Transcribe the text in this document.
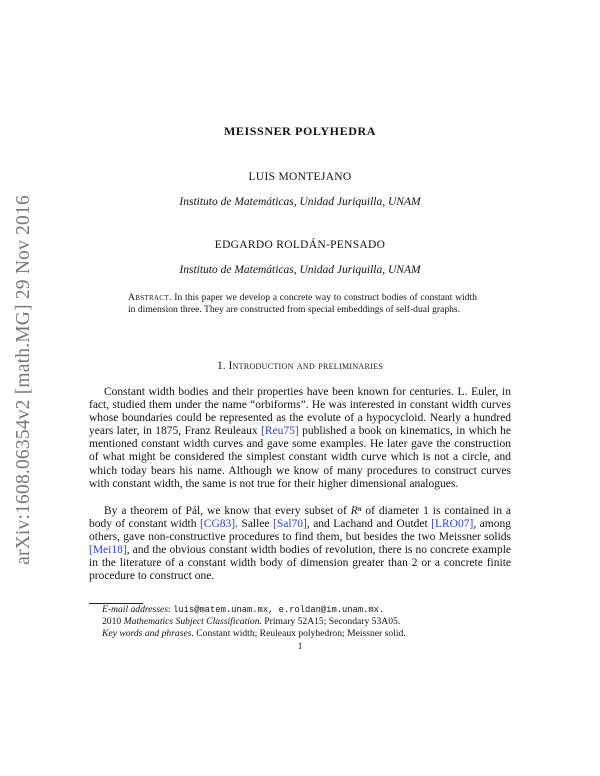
arXiv:1608.06354v2 [math.MG] 29 Nov 2016
MEISSNER POLYHEDRA
LUIS MONTEJANO
Instituto de Matemáticas, Unidad Juriquilla, UNAM
EDGARDO ROLDÁN-PENSADO
Instituto de Matemáticas, Unidad Juriquilla, UNAM
Abstract. In this paper we develop a concrete way to construct bodies of constant width in dimension three. They are constructed from special embeddings of self-dual graphs.
1. Introduction and preliminaries
Constant width bodies and their properties have been known for centuries. L. Euler, in fact, studied them under the name “orbiforms”. He was interested in constant width curves whose boundaries could be represented as the evolute of a hypocycloid. Nearly a hundred years later, in 1875, Franz Reuleaux [Reu75] published a book on kinematics, in which he mentioned constant width curves and gave some examples. He later gave the construction of what might be considered the simplest constant width curve which is not a circle, and which today bears his name. Although we know of many procedures to construct curves with constant width, the same is not true for their higher dimensional analogues.
By a theorem of Pál, we know that every subset of Rⁿ of diameter 1 is contained in a body of constant width [CG83]. Sallee [Sal70], and Lachand and Outdet [LRO07], among others, gave non-constructive procedures to find them, but besides the two Meissner solids [Mei18], and the obvious constant width bodies of revolution, there is no concrete example in the literature of a constant width body of dimension greater than 2 or a concrete finite procedure to construct one.
E-mail addresses: luis@matem.unam.mx, e.roldan@im.unam.mx.
2010 Mathematics Subject Classification. Primary 52A15; Secondary 53A05.
Key words and phrases. Constant width; Reuleaux polyhedron; Meissner solid.
1
